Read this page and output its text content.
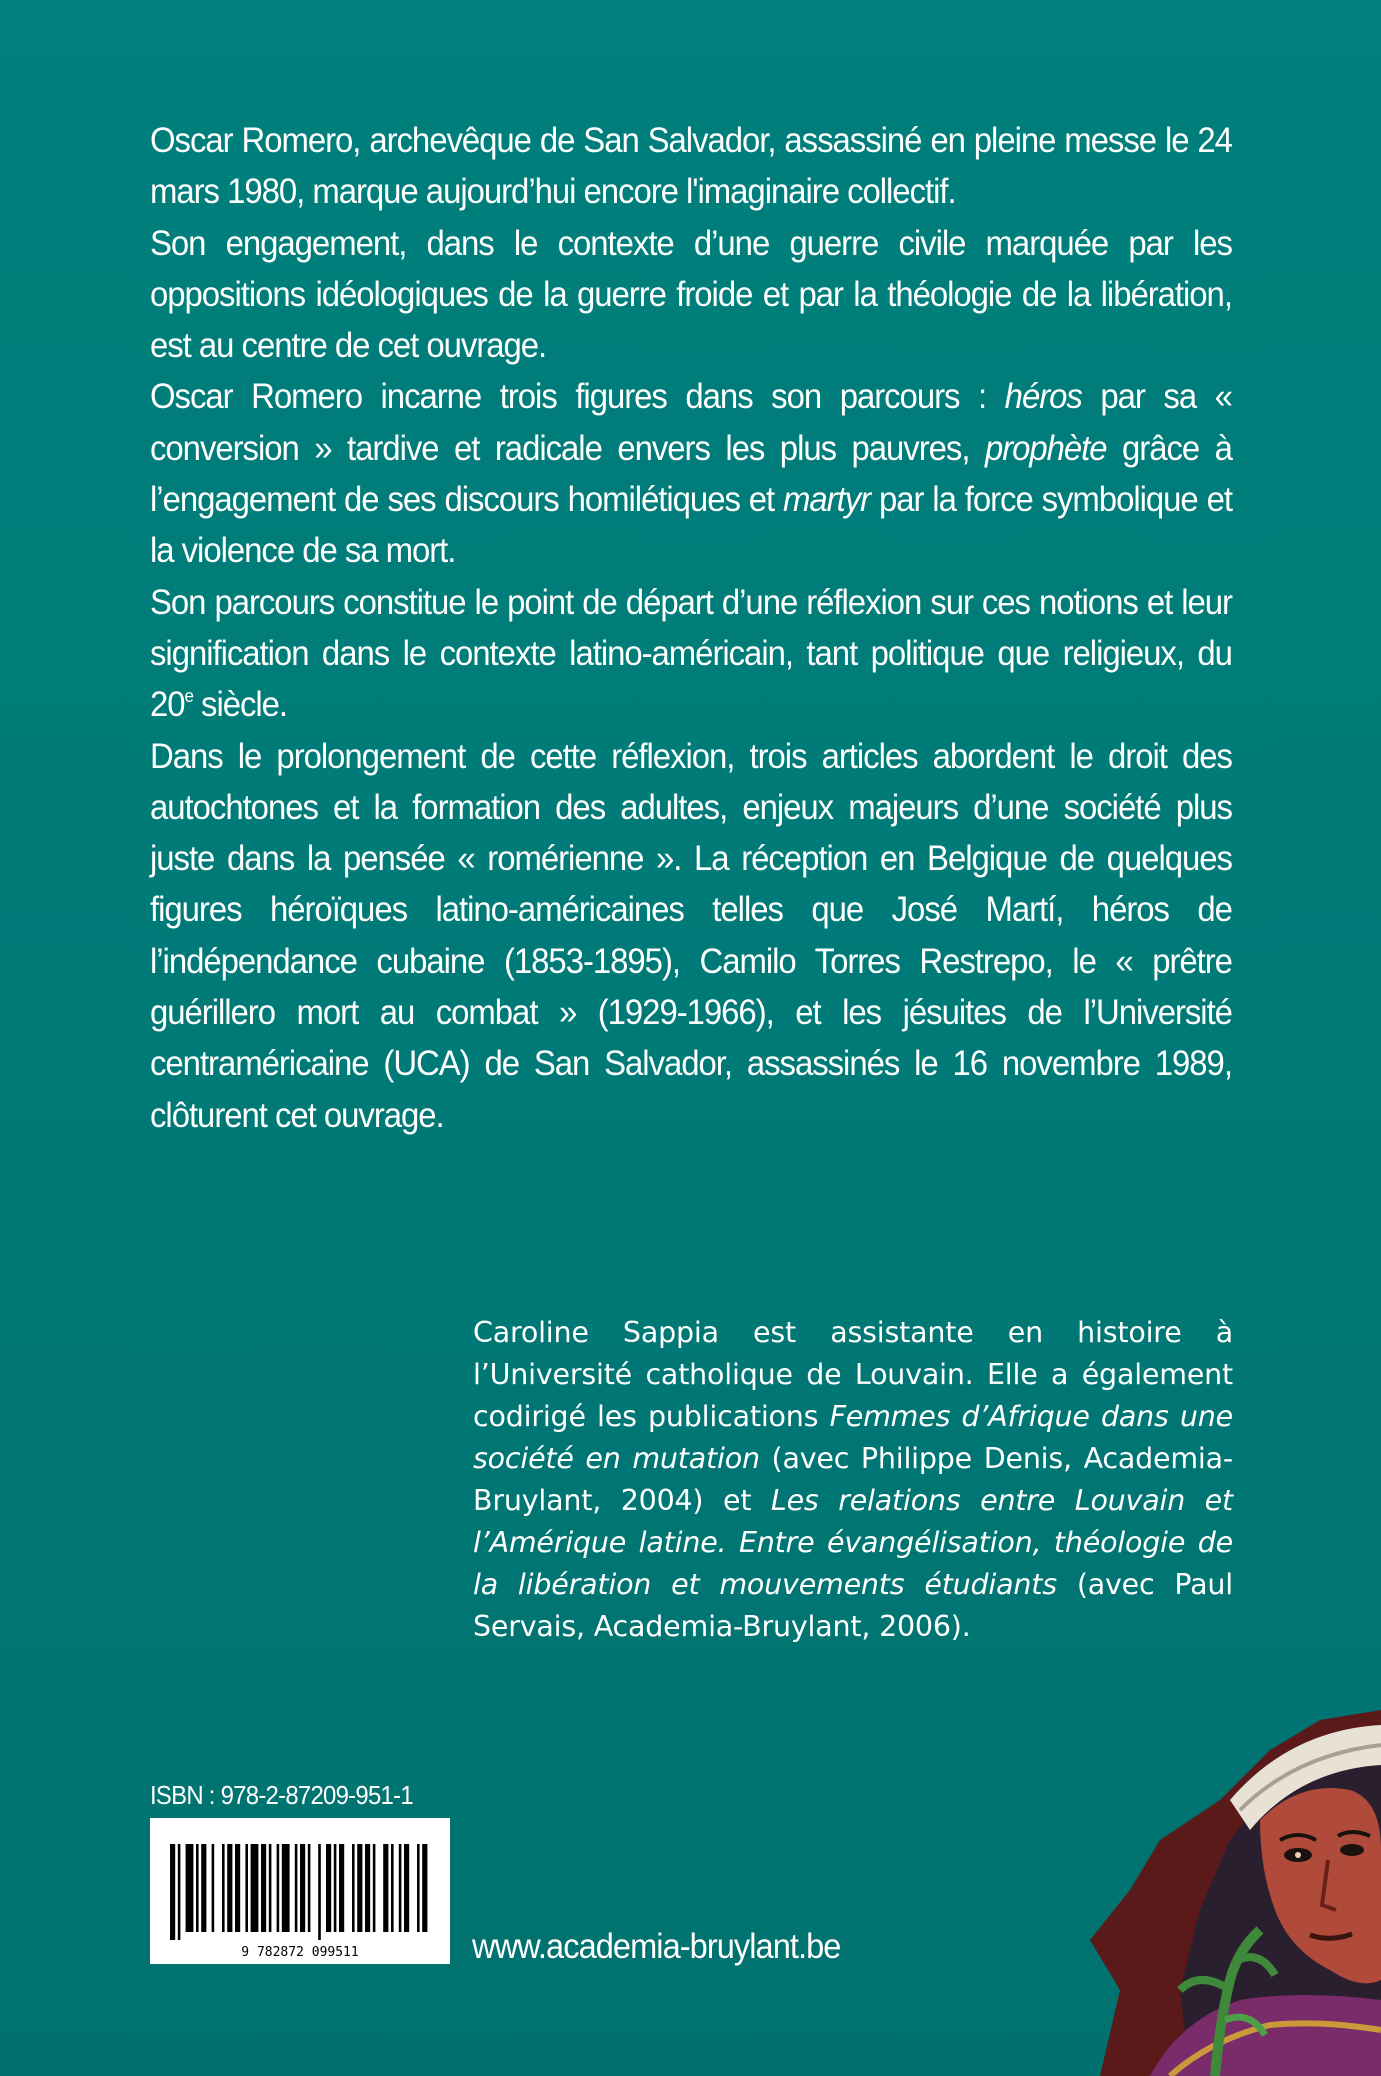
Oscar Romero, archevêque de San Salvador, assassiné en pleine messe le 24 mars 1980, marque aujourd’hui encore l'imaginaire collectif.

Son engagement, dans le contexte d’une guerre civile marquée par les oppositions idéologiques de la guerre froide et par la théologie de la libération, est au centre de cet ouvrage.

Oscar Romero incarne trois figures dans son parcours : héros par sa « conversion » tardive et radicale envers les plus pauvres, prophète grâce à l’engagement de ses discours homilétiques et martyr par la force symbolique et la violence de sa mort.

Son parcours constitue le point de départ d’une réflexion sur ces notions et leur signification dans le contexte latino-américain, tant politique que religieux, du 20e siècle.

Dans le prolongement de cette réflexion, trois articles abordent le droit des autochtones et la formation des adultes, enjeux majeurs d’une société plus juste dans la pensée « romérienne ». La réception en Belgique de quelques figures héroïques latino-américaines telles que José Martí, héros de l’indépendance cubaine (1853-1895), Camilo Torres Restrepo, le « prêtre guérillero mort au combat » (1929-1966), et les jésuites de l’Université centraméricaine (UCA) de San Salvador, assassinés le 16 novembre 1989, clôturent cet ouvrage.

Caroline Sappia est assistante en histoire à l’Université catholique de Louvain. Elle a également codirigé les publications Femmes d’Afrique dans une société en mutation (avec Philippe Denis, Academia-Bruylant, 2004) et Les relations entre Louvain et l’Amérique latine. Entre évangélisation, théologie de la libération et mouvements étudiants (avec Paul Servais, Academia-Bruylant, 2006).
ISBN : 978-2-87209-951-1
9 782872 099511	www.academia-bruylant.be
